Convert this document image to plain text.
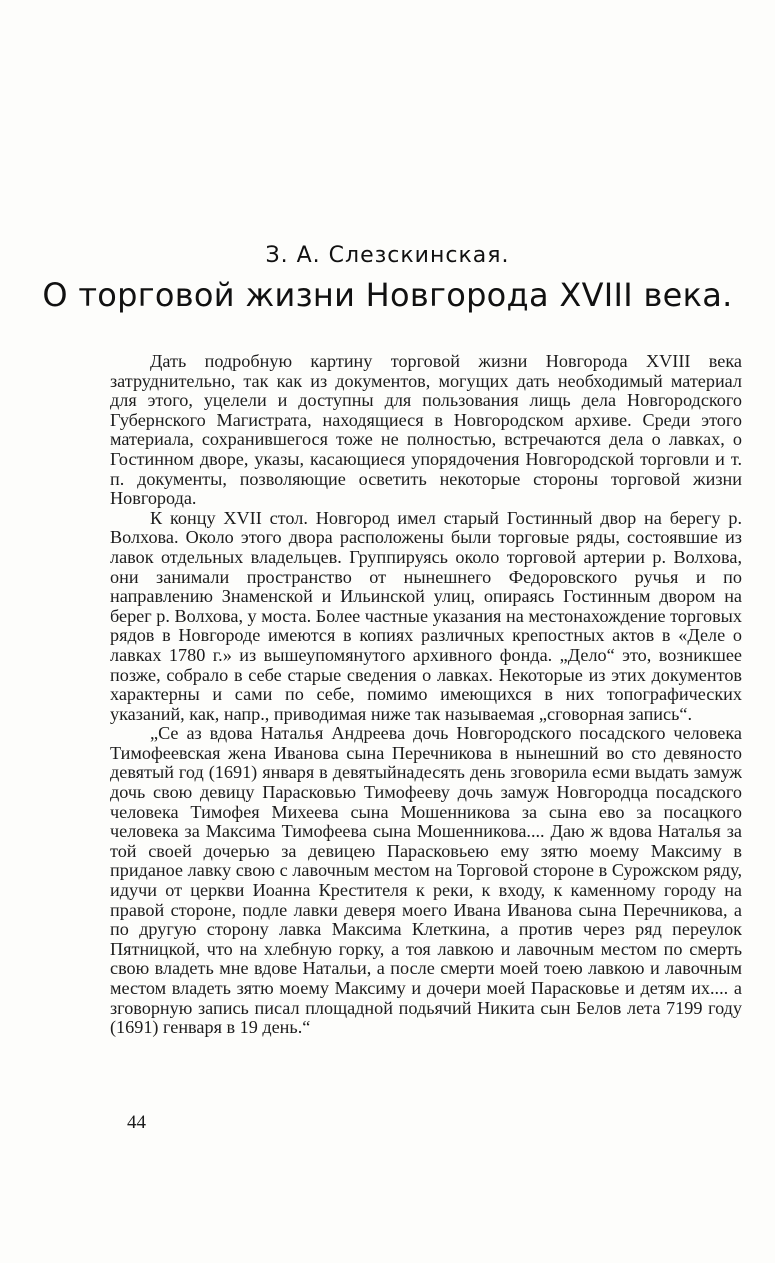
З. А. Слезскинская.
О торговой жизни Новгорода XVIII века.

Дать подробную картину торговой жизни Новгорода XVIII века затруднительно, так как из документов, могущих дать необходимый материал для этого, уцелели и доступны для пользования лищь дела Новгородского Губернского Магистрата, находящиеся в Новгородском архиве. Среди этого материала, сохранившегося тоже не полностью, встречаются дела о лавках, о Гостинном дворе, указы, касающиеся упорядочения Новгородской торговли и т. п. документы, позволяющие осветить некоторые стороны торговой жизни Новгорода.

К концу XVII стол. Новгород имел старый Гостинный двор на берегу р. Волхова. Около этого двора расположены были торговые ряды, состоявшие из лавок отдельных владельцев. Группируясь около торговой артерии р. Волхова, они занимали пространство от нынешнего Федоровского ручья и по направлению Знаменской и Ильинской улиц, опираясь Гостинным двором на берег р. Волхова, у моста. Более частные указания на местонахождение торговых рядов в Новгороде имеются в копиях различных крепостных актов в «Деле о лавках 1780 г.» из вышеупомянутого архивного фонда. „Дело“ это, возникшее позже, собрало в себе старые сведения о лавках. Некоторые из этих документов характерны и сами по себе, помимо имеющихся в них топографических указаний, как, напр., приводимая ниже так называемая „сговорная запись“.

„Се аз вдова Наталья Андреева дочь Новгородского посадского человека Тимофеевская жена Иванова сына Перечникова в нынешний во сто девяносто девятый год (1691) января в девятыйнадесять день зговорила есми выдать замуж дочь свою девицу Парасковью Тимофееву дочь замуж Новгородца посадского человека Тимофея Михеева сына Мошенникова за сына ево за посацкого человека за Максима Тимофеева сына Мошенникова.... Даю ж вдова Наталья за той своей дочерью за девицею Парасковьею ему зятю моему Максиму в приданое лавку свою с лавочным местом на Торговой стороне в Сурожском ряду, идучи от церкви Иоанна Крестителя к реки, к входу, к каменному городу на правой стороне, подле лавки деверя моего Ивана Иванова сына Перечникова, а по другую сторону лавка Максима Клеткина, а против через ряд переулок Пятницкой, что на хлебную горку, а тоя лавкою и лавочным местом по смерть свою владеть мне вдове Натальи, а после смерти моей тоею лавкою и лавочным местом владеть зятю моему Максиму и дочери моей Парасковье и детям их.... а зговорную запись писал площадной подьячий Никита сын Белов лета 7199 году (1691) генваря в 19 день.“

44
